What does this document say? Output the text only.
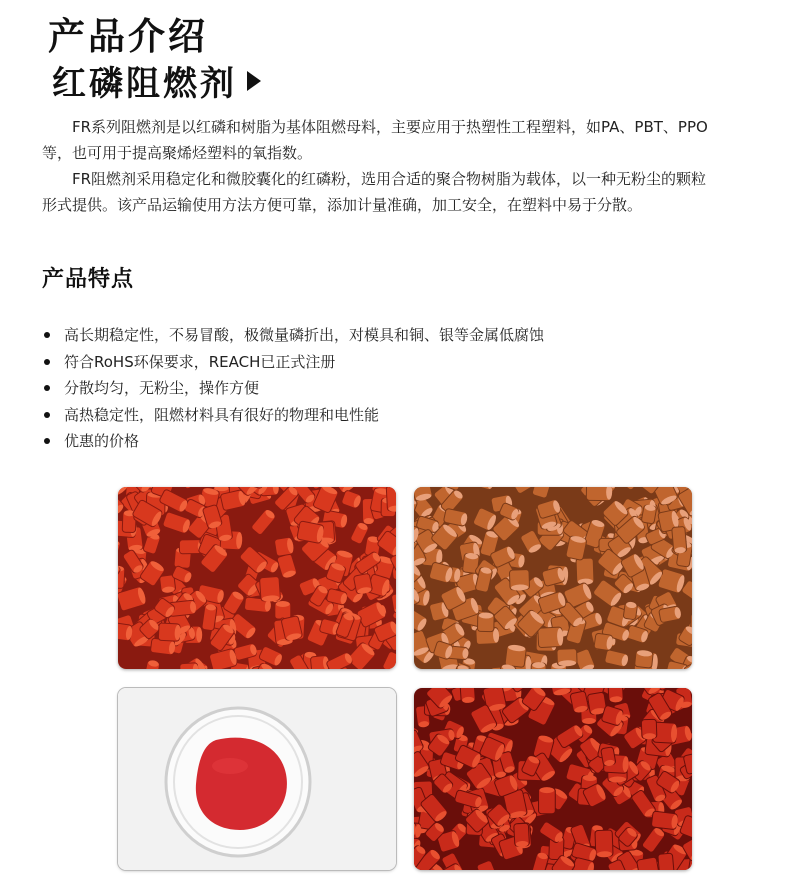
产品介绍
红磷阻燃剂

FR系列阻燃剂是以红磷和树脂为基体阻燃母料，主要应用于热塑性工程塑料，如PA、PBT、PPO等，也可用于提高聚烯烃塑料的氧指数。

FR阻燃剂采用稳定化和微胶囊化的红磷粉，选用合适的聚合物树脂为载体，以一种无粉尘的颗粒形式提供。该产品运输使用方法方便可靠，添加计量准确，加工安全，在塑料中易于分散。

产品特点
高长期稳定性，不易冒酸，极微量磷折出，对模具和铜、银等金属低腐蚀
符合RoHS环保要求，REACH已正式注册
分散均匀，无粉尘，操作方便
高热稳定性，阻燃材料具有很好的物理和电性能
优惠的价格
